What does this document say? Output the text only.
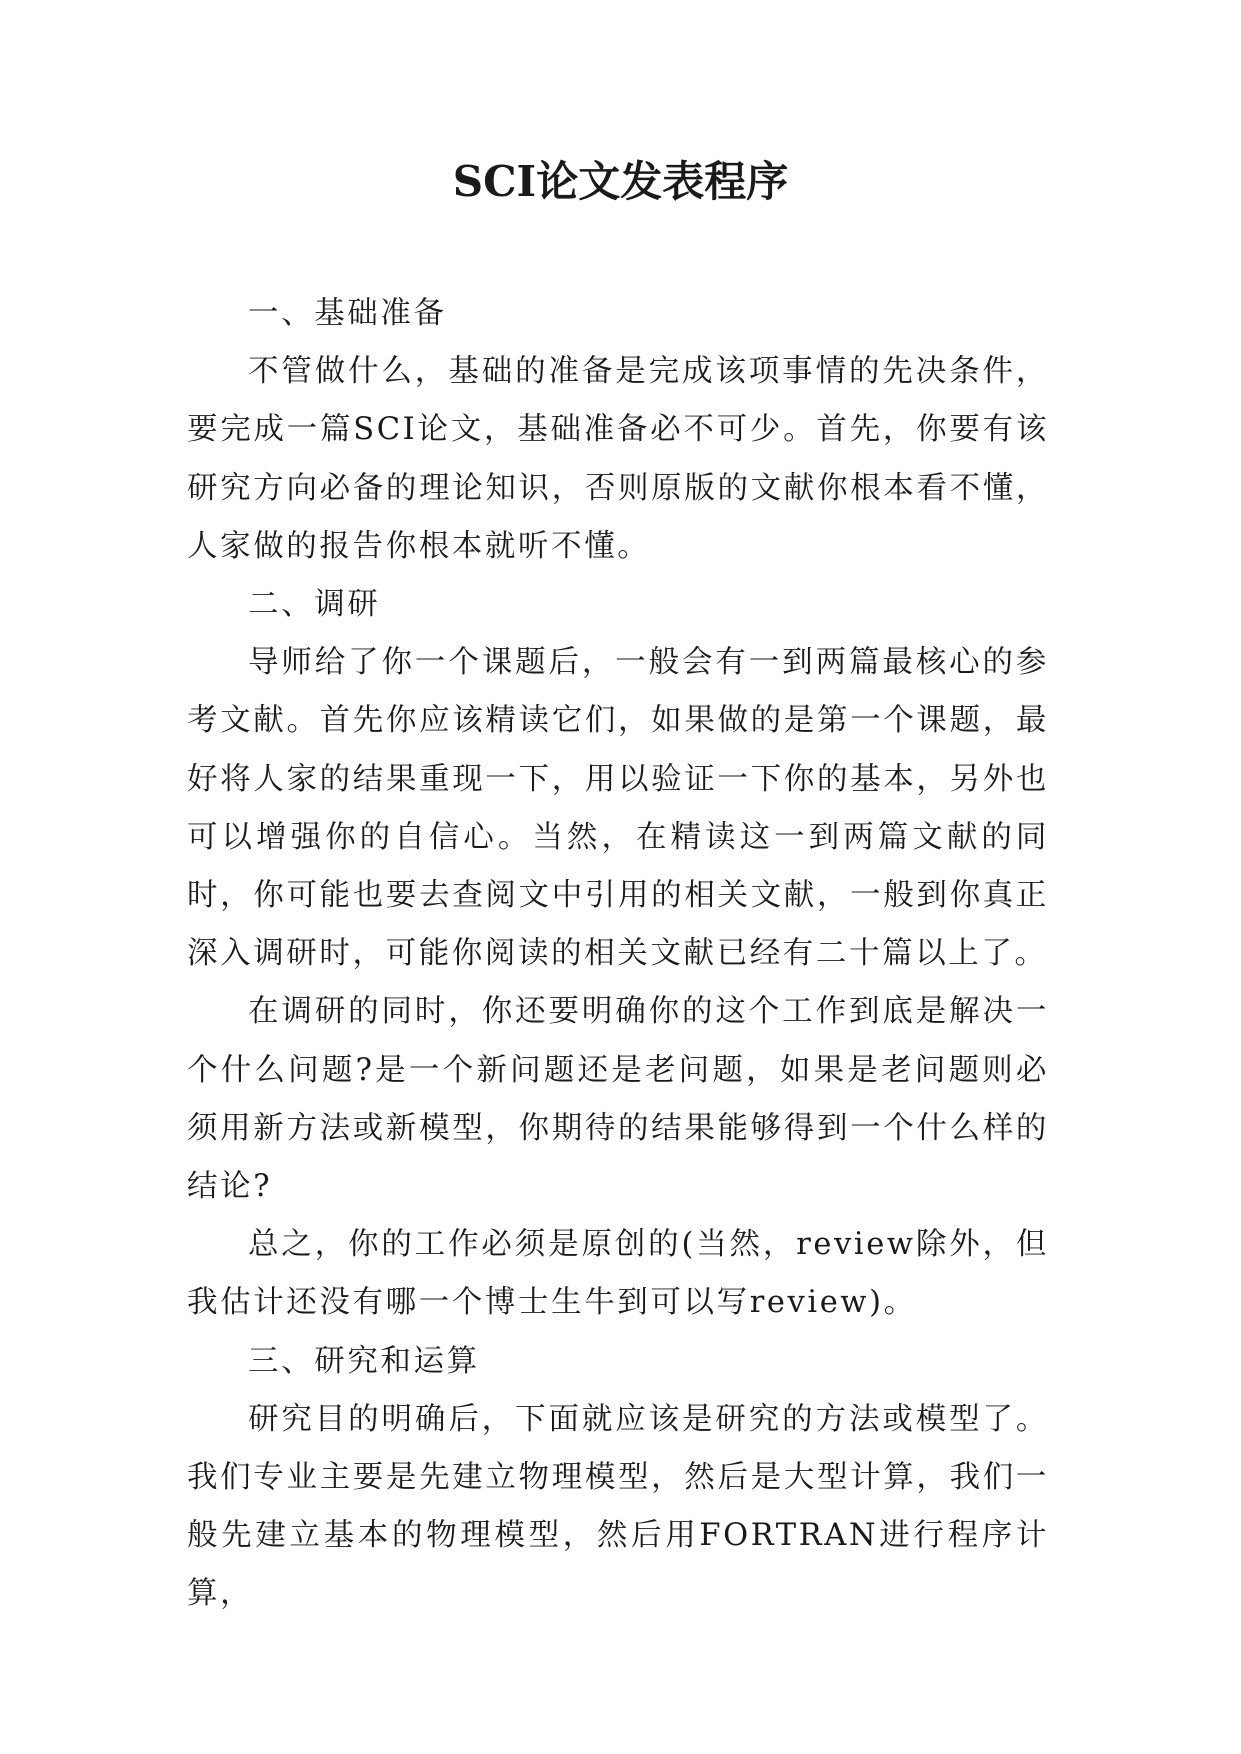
SCI论文发表程序

一、基础准备

不管做什么，基础的准备是完成该项事情的先决条件，要完成一篇SCI论文，基础准备必不可少。首先，你要有该研究方向必备的理论知识，否则原版的文献你根本看不懂，人家做的报告你根本就听不懂。

二、调研

导师给了你一个课题后，一般会有一到两篇最核心的参考文献。首先你应该精读它们，如果做的是第一个课题，最好将人家的结果重现一下，用以验证一下你的基本，另外也可以增强你的自信心。当然，在精读这一到两篇文献的同时，你可能也要去查阅文中引用的相关文献，一般到你真正深入调研时，可能你阅读的相关文献已经有二十篇以上了。

在调研的同时，你还要明确你的这个工作到底是解决一个什么问题?是一个新问题还是老问题，如果是老问题则必须用新方法或新模型，你期待的结果能够得到一个什么样的结论?

总之，你的工作必须是原创的(当然，review除外，但我估计还没有哪一个博士生牛到可以写review)。

三、研究和运算

研究目的明确后，下面就应该是研究的方法或模型了。我们专业主要是先建立物理模型，然后是大型计算，我们一般先建立基本的物理模型，然后用FORTRAN进行程序计算，
